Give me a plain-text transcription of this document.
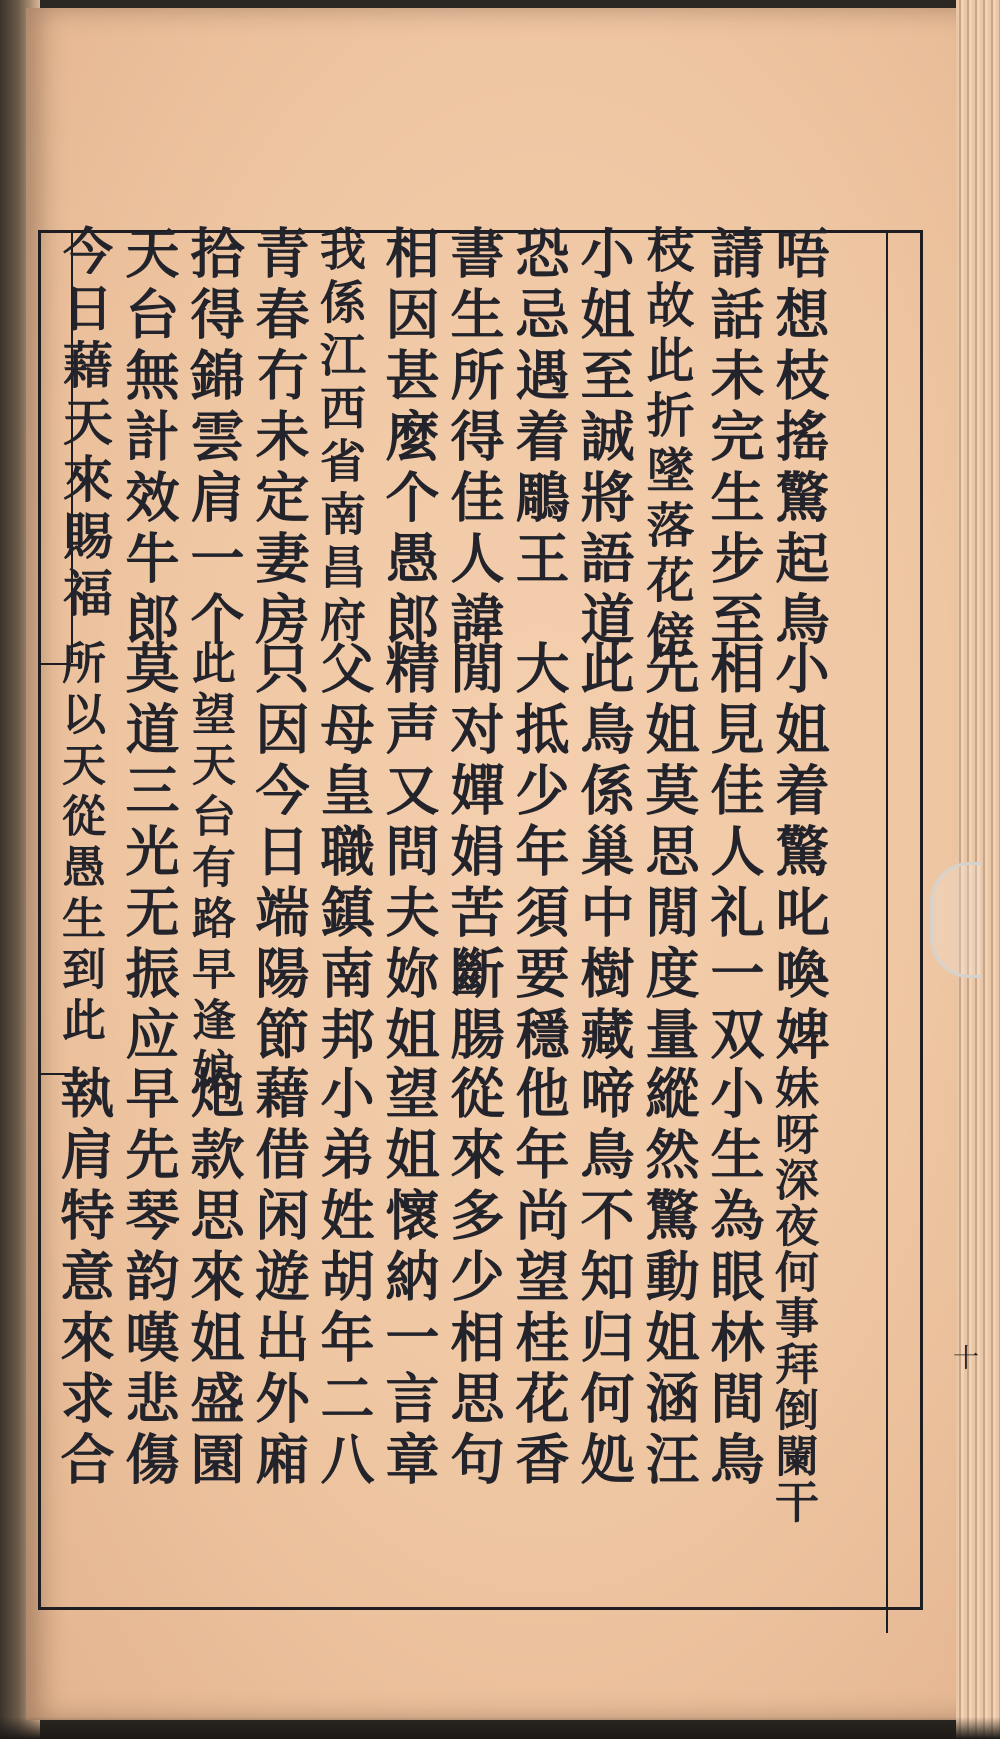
唔想枝搖驚起鳥
請話未完生步至
枝故此折墜落花傍
小姐至誠將語道
恐忌遇着鵰王
書生所得佳人諱
相因甚麼个愚郎
我係江西省南昌府
青春冇未定妻房
拾得錦雲肩一个
天台無計效牛郎
今日藉天來賜福
小姐着驚叱喚婢
相見佳人礼一双
先姐莫思閒度量
此鳥係巢中樹藏
大抵少年須要穩
閒对嬋娟苦斷腸
精声又問夫妳姐
父母皇職鎮南邦
只因今日端陽節
此望天台有路早逢娘
莫道三光无振应
所以天從愚生到此
妹呀深夜何事拜倒闌干
小生為眼林間鳥
縱然驚動姐涵汪
啼鳥不知归何処
他年尚望桂花香
從來多少相思句
望姐懷納一言章
小弟姓胡年二八
藉借闲遊出外廂
炮款思來姐盛園
早先琴韵嘆悲傷
執肩特意來求合	十
